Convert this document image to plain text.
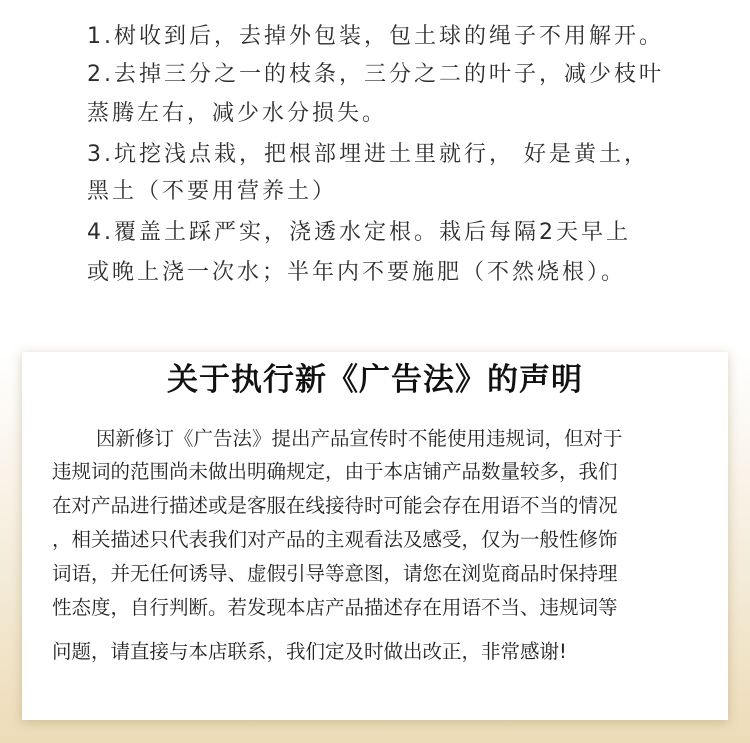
1.树收到后，去掉外包装，包土球的绳子不用解开。

2.去掉三分之一的枝条，三分之二的叶子，减少枝叶

蒸腾左右，减少水分损失。

3.坑挖浅点栽，把根部埋进土里就行， 好是黄土，

黑土（不要用营养土）

4.覆盖土踩严实，浇透水定根。栽后每隔2天早上

或晚上浇一次水；半年内不要施肥（不然烧根）。

关于执行新《广告法》的声明

因新修订《广告法》提出产品宣传时不能使用违规词，但对于

违规词的范围尚未做出明确规定，由于本店铺产品数量较多，我们

在对产品进行描述或是客服在线接待时可能会存在用语不当的情况

，相关描述只代表我们对产品的主观看法及感受，仅为一般性修饰

词语，并无任何诱导、虚假引导等意图，请您在浏览商品时保持理

性态度，自行判断。若发现本店产品描述存在用语不当、违规词等

问题，请直接与本店联系，我们定及时做出改正，非常感谢!
